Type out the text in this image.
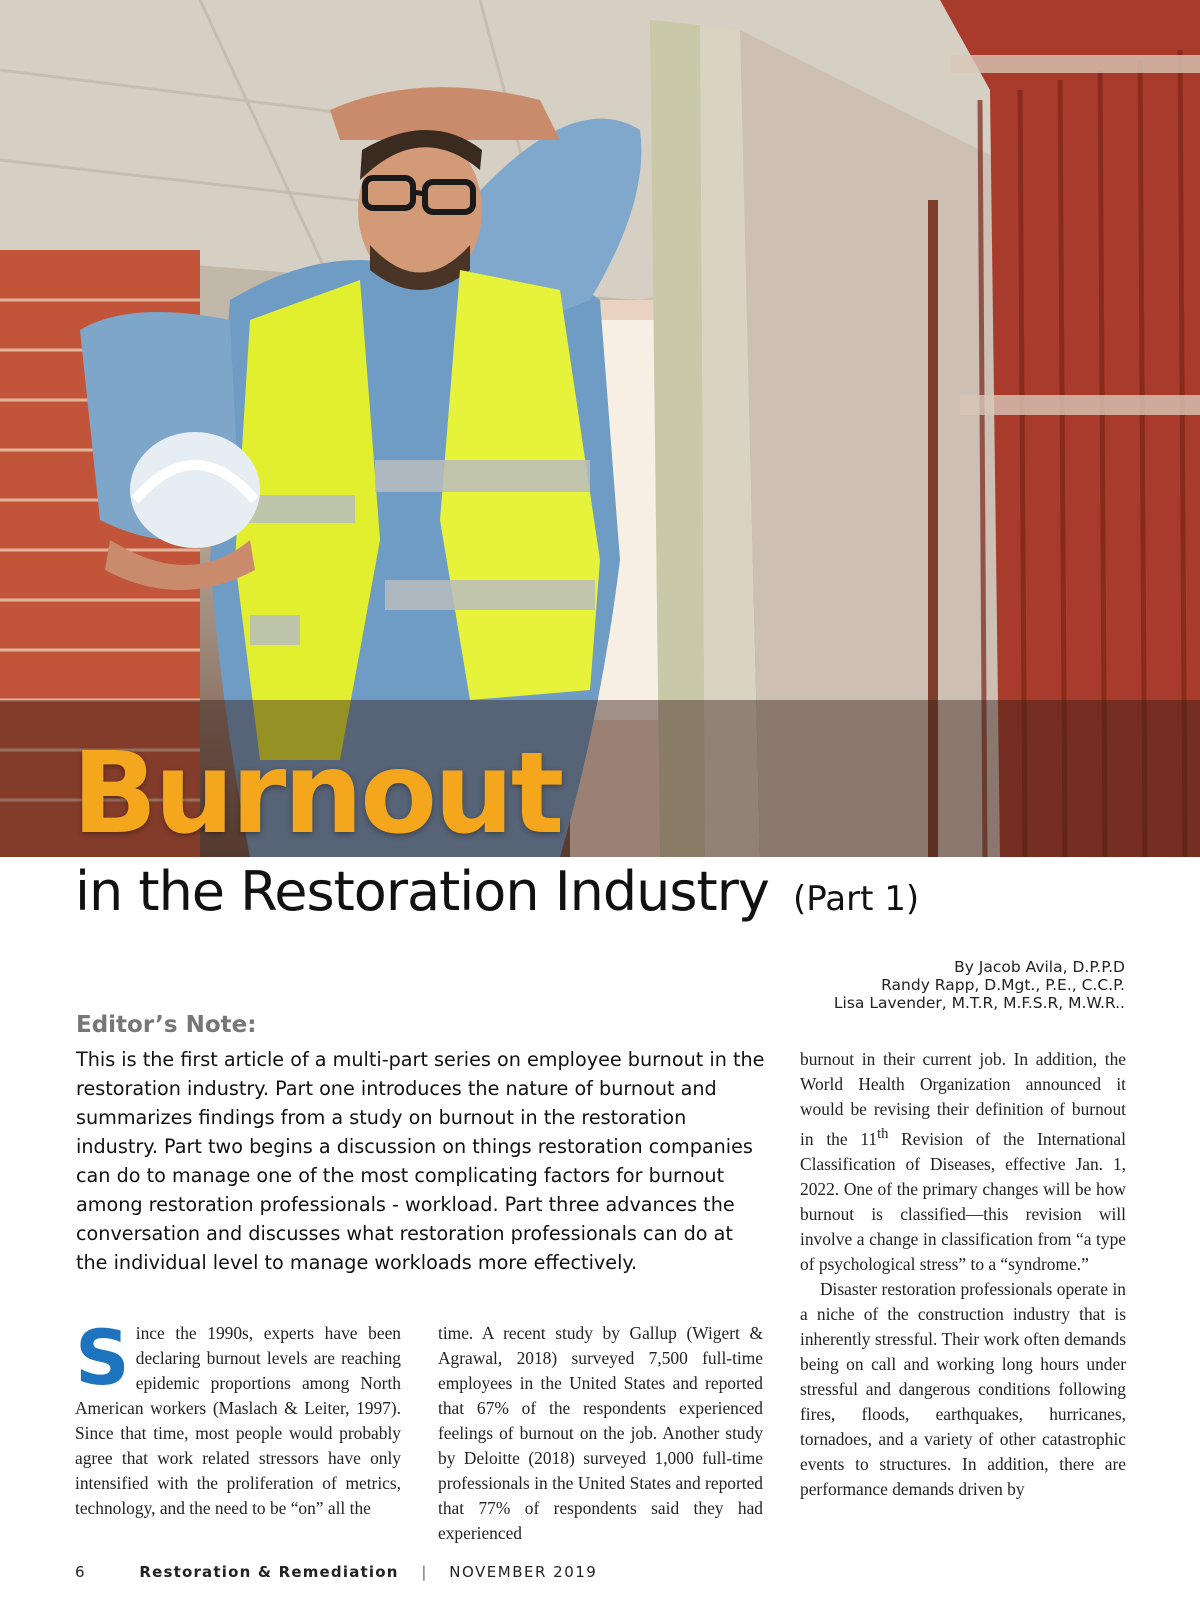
Burnout
in the Restoration Industry (Part 1)
By Jacob Avila, D.P.P.D
Randy Rapp, D.Mgt., P.E., C.C.P.
Lisa Lavender, M.T.R, M.F.S.R, M.W.R..
Editor’s Note:

This is the first article of a multi-part series on employee burnout in the restoration industry. Part one introduces the nature of burnout and summarizes findings from a study on burnout in the restoration industry. Part two begins a discussion on things restoration companies can do to manage one of the most complicating factors for burnout among restoration professionals - workload. Part three advances the conversation and discusses what restoration professionals can do at the individual level to manage workloads more effectively.

Since the 1990s, experts have been declaring burnout levels are reaching epidemic proportions among North American workers (Maslach & Leiter, 1997). Since that time, most people would probably agree that work related stressors have only intensified with the proliferation of metrics, technology, and the need to be “on” all the

time. A recent study by Gallup (Wigert & Agrawal, 2018) surveyed 7,500 full-time employees in the United States and reported that 67% of the respondents experienced feelings of burnout on the job. Another study by Deloitte (2018) surveyed 1,000 full-time professionals in the United States and reported that 77% of respondents said they had experienced

burnout in their current job. In addition, the World Health Organization announced it would be revising their definition of burnout in the 11th Revision of the International Classification of Diseases, effective Jan. 1, 2022. One of the primary changes will be how burnout is classified—this revision will involve a change in classification from “a type of psychological stress” to a “syndrome.”
Disaster restoration professionals operate in a niche of the construction industry that is inherently stressful. Their work often demands being on call and working long hours under stressful and dangerous conditions following fires, floods, earthquakes, hurricanes, tornadoes, and a variety of other catastrophic events to structures. In addition, there are performance demands driven by
6	Restoration & Remediation | NOVEMBER 2019
